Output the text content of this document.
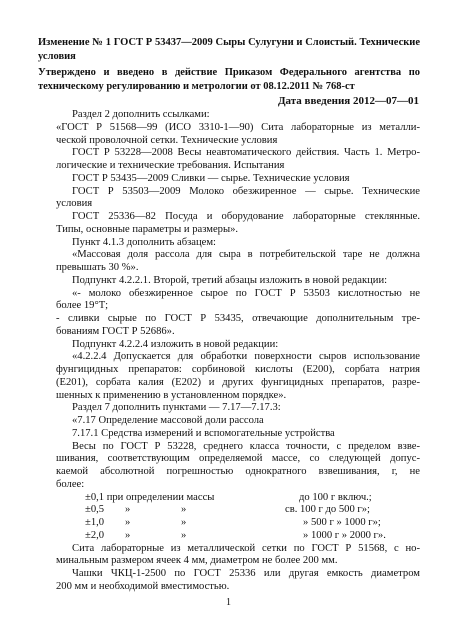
Изменение № 1 ГОСТ Р 53437—2009 Сыры Сулугуни и Слоистый. Технические условия

Утверждено и введено в действие Приказом Федерального агентства по техническому регулированию и метрологии от 08.12.2011 № 768-ст

Дата введения 2012—07—01

Раздел 2 дополнить ссылками:

«ГОСТ Р 51568—99 (ИСО 3310-1—90) Сита лабораторные из металли-

ческой проволочной сетки. Технические условия

ГОСТ Р 53228—2008 Весы неавтоматического действия. Часть 1. Метро-

логические и технические требования. Испытания

ГОСТ Р 53435—2009 Сливки — сырье. Технические условия

ГОСТ Р 53503—2009 Молоко обезжиренное — сырье. Технические

условия

ГОСТ 25336—82 Посуда и оборудование лабораторные стеклянные.

Типы, основные параметры и размеры».

Пункт 4.1.3 дополнить абзацем:

«Массовая доля рассола для сыра в потребительской таре не должна

превышать 30 %».

Подпункт 4.2.2.1. Второй, третий абзацы изложить в новой редакции:

«- молоко обезжиренное сырое по ГОСТ Р 53503 кислотностью не

более 19°Т;

- сливки сырые по ГОСТ Р 53435, отвечающие дополнительным тре-

бованиям ГОСТ Р 52686».

Подпункт 4.2.2.4 изложить в новой редакции:

«4.2.2.4 Допускается для обработки поверхности сыров использование

фунгицидных препаратов: сорбиновой кислоты (Е200), сорбата натрия

(Е201), сорбата калия (Е202) и других фунгицидных препаратов, разре-

шенных к применению в установленном порядке».

Раздел 7 дополнить пунктами — 7.17—7.17.3:

«7.17 Определение массовой доли рассола

7.17.1 Средства измерений и вспомогательные устройства

Весы по ГОСТ Р 53228, среднего класса точности, с пределом взве-

шивания, соответствующим определяемой массе, со следующей допус-

каемой абсолютной погрешностью однократного взвешивания, г, не

более:

±0,1 при определении массы			до 100 г включ.;
±0,5	»	»	св. 100 г до 500 г»;
±1,0	»	»	» 500 г » 1000 г»;
±2,0	»	»	» 1000 г » 2000 г».

Сита лабораторные из металлической сетки по ГОСТ Р 51568, с но-

минальным размером ячеек 4 мм, диаметром не более 200 мм.

Чашки ЧКЦ-1-2500 по ГОСТ 25336 или другая емкость диаметром

200 мм и необходимой вместимостью.

1
